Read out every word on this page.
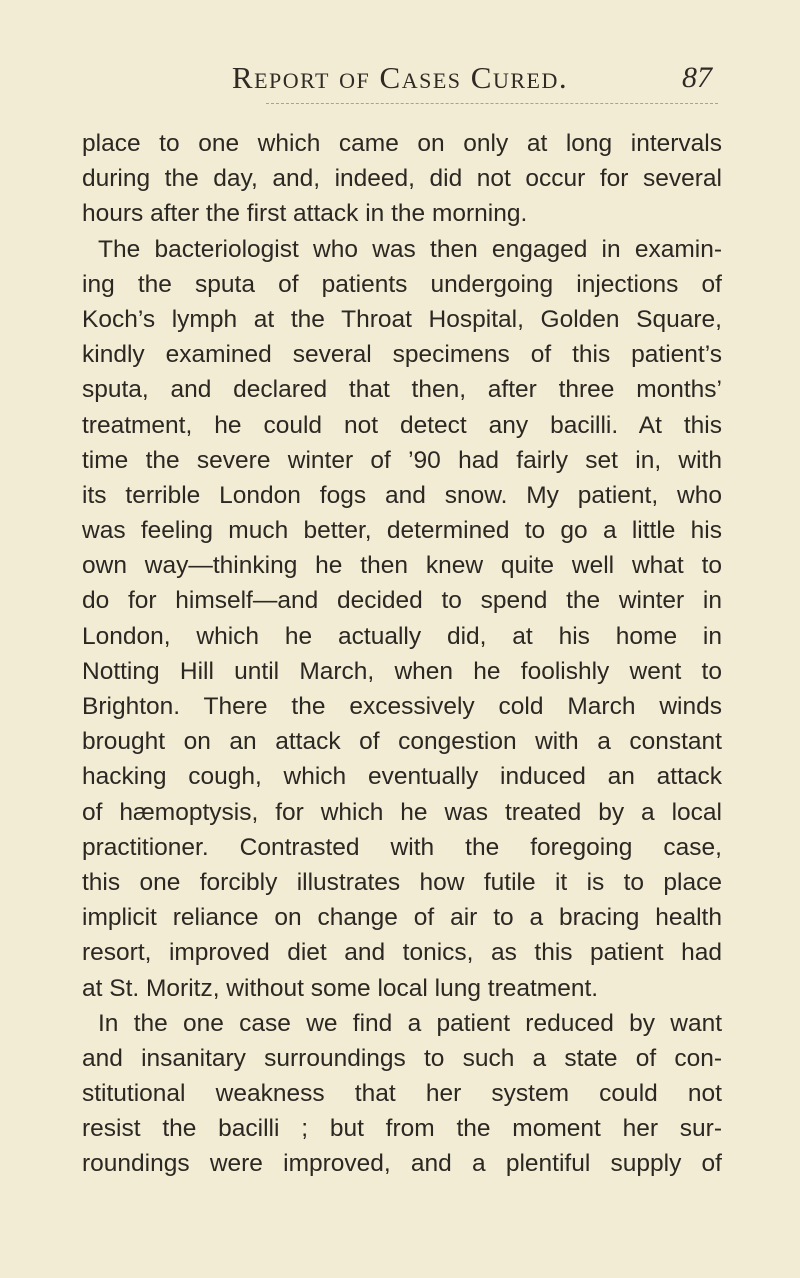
Report of Cases Cured.	87
place to one which came on only at long intervals
during the day, and, indeed, did not occur for several
hours after the first attack in the morning.
The bacteriologist who was then engaged in examin-
ing the sputa of patients undergoing injections of
Koch’s lymph at the Throat Hospital, Golden Square,
kindly examined several specimens of this patient’s
sputa, and declared that then, after three months’
treatment, he could not detect any bacilli. At this
time the severe winter of ’90 had fairly set in, with
its terrible London fogs and snow. My patient, who
was feeling much better, determined to go a little his
own way—thinking he then knew quite well what to
do for himself—and decided to spend the winter in
London, which he actually did, at his home in
Notting Hill until March, when he foolishly went to
Brighton. There the excessively cold March winds
brought on an attack of congestion with a constant
hacking cough, which eventually induced an attack
of hæmoptysis, for which he was treated by a local
practitioner. Contrasted with the foregoing case,
this one forcibly illustrates how futile it is to place
implicit reliance on change of air to a bracing health
resort, improved diet and tonics, as this patient had
at St. Moritz, without some local lung treatment.
In the one case we find a patient reduced by want
and insanitary surroundings to such a state of con-
stitutional weakness that her system could not
resist the bacilli ; but from the moment her sur-
roundings were improved, and a plentiful supply of
